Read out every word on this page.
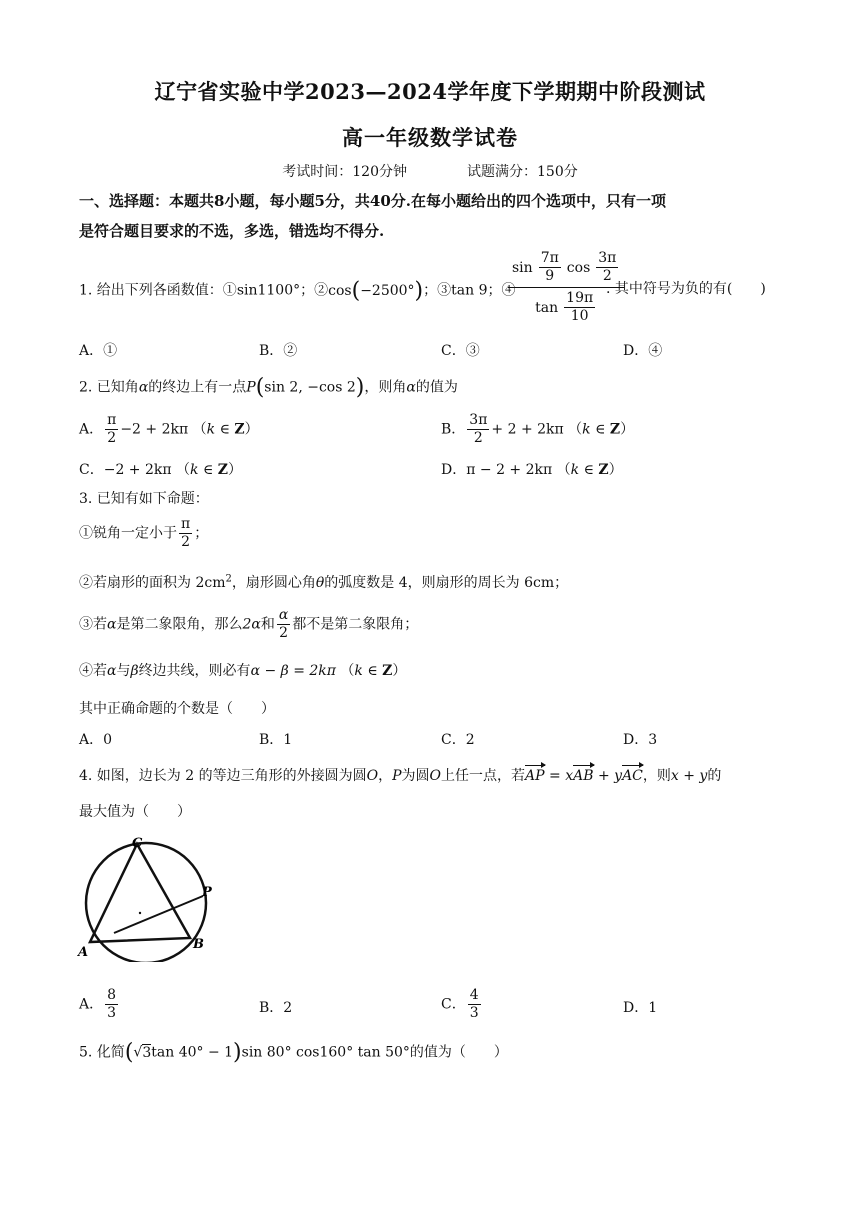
辽宁省实验中学2023—2024学年度下学期期中阶段测试
高一年级数学试卷
考试时间：120分钟	试题满分：150分
一、选择题：本题共8小题，每小题5分，共40分.在每小题给出的四个选项中，只有一项
是符合题目要求的不选，多选，错选均不得分.
1. 给出下列各函数值：①sin1100°；②cos(−2500°)；③tan 9；④
$\frac{\sin \frac{7\pi}{9} \cos \frac{3\pi}{2}}{\tan \frac{19\pi}{10}}$
. 其中符号为负的有(　　)
A．①	B．②	C．③	D．④
2. 已知角α的终边上有一点P(sin 2, −cos 2)，则角α的值为
A． $\frac{\pi}{2} -2 + 2k\pi$ （k ∈ Z）	B． $\frac{3\pi}{2} + 2 + 2k\pi$ （k ∈ Z）
C．−2 + 2kπ （k ∈ Z）	D．π − 2 + 2kπ （k ∈ Z）
3. 已知有如下命题：
①锐角一定小于 $\frac{\pi}{2}$ ；
②若扇形的面积为 $2cm^2$，扇形圆心角θ的弧度数是 4，则扇形的周长为 6cm；
③若α是第二象限角，那么2α和 $\frac{\alpha}{2}$ 都不是第二象限角；
④若α与β终边共线，则必有α − β = 2kπ （k ∈ Z）
其中正确命题的个数是（　　）
A．0	B．1	C．2	D．3
4. 如图，边长为 2 的等边三角形的外接圆为圆O，P为圆O上任一点，若AP = xAB + yAC，则x + y的
最大值为（　　）
C
P
A
B
A． $\frac{8}{3}$	B．2	C． $\frac{4}{3}$	D．1
5. 化简(√3tan 40° − 1)sin 80° cos160° tan 50°的值为（　　）
